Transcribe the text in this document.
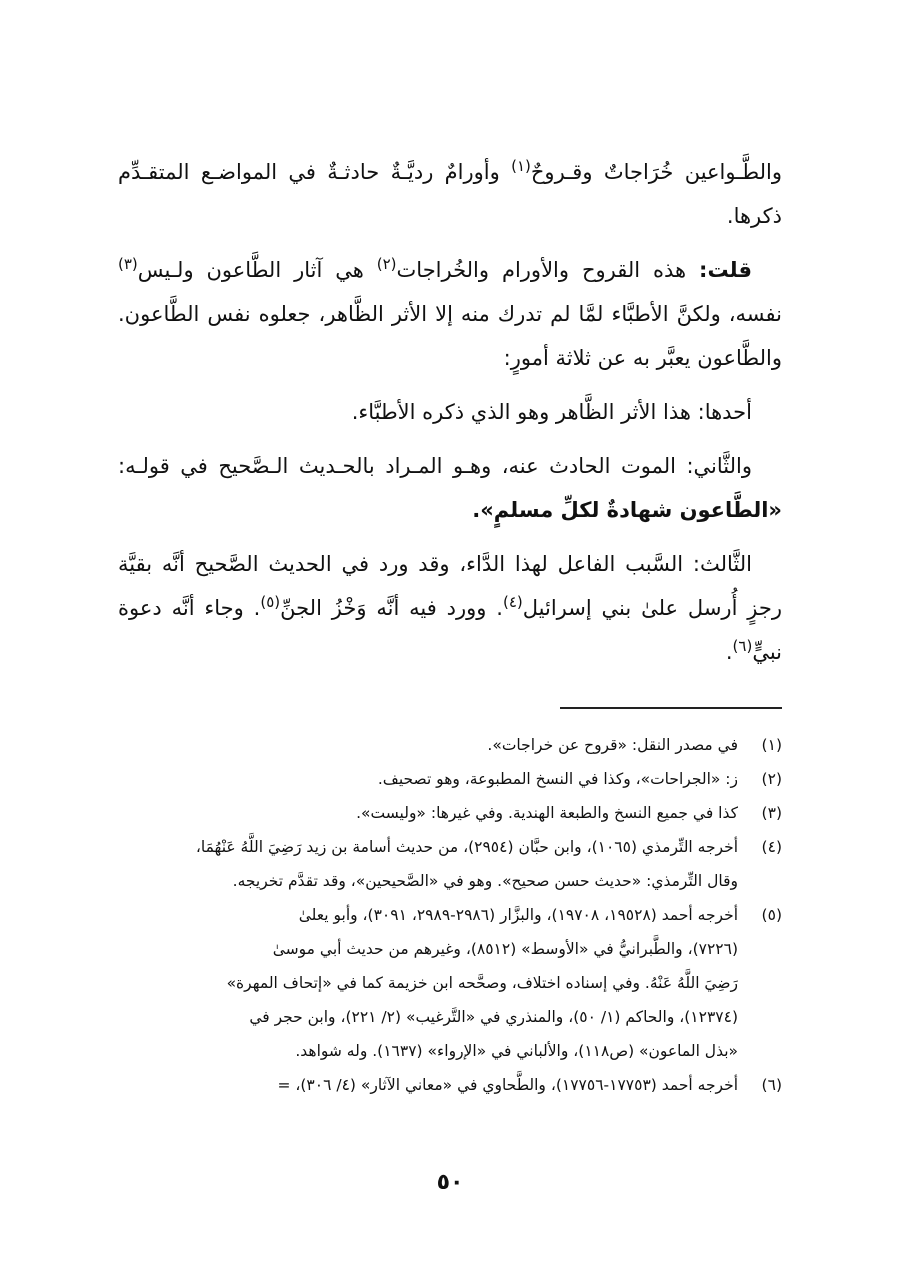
والطَّـواعين خُرَاجاتٌ وقـروحٌ$^{(١)}$ وأورامٌ رديَّـةٌ حادثـةٌ في المواضـع المتقـدِّم ذكرها.

قلت: هذه القروح والأورام والخُراجات$^{(٢)}$ هي آثار الطَّاعون ولـيس$^{(٣)}$ نفسه، ولكنَّ الأطبَّاء لمَّا لم تدرك منه إلا الأثر الظَّاهر، جعلوه نفس الطَّاعون. والطَّاعون يعبَّر به عن ثلاثة أمورٍ:

أحدها: هذا الأثر الظَّاهر وهو الذي ذكره الأطبَّاء.

والثَّاني: الموت الحادث عنه، وهـو المـراد بالحـديث الـصَّحيح في قولـه: «الطَّاعون شهادةٌ لكلِّ مسلمٍ».

الثَّالث: السَّبب الفاعل لهذا الدَّاء، وقد ورد في الحديث الصَّحيح أنَّه بقيَّة رجزٍ أُرسل علىٰ بني إسرائيل$^{(٤)}$. وورد فيه أنَّه وَخْزُ الجنِّ$^{(٥)}$. وجاء أنَّه دعوة نبيٍّ$^{(٦)}$.

(١)في مصدر النقل: «قروح عن خراجات».

(٢)ز: «الجراحات»، وكذا في النسخ المطبوعة، وهو تصحيف.

(٣)كذا في جميع النسخ والطبعة الهندية. وفي غيرها: «وليست».

(٤)أخرجه التِّرمذي (١٠٦٥)، وابن حبَّان (٢٩٥٤)، من حديث أسامة بن زيد رَضِيَ اللَّهُ عَنْهُمَا،

وقال التِّرمذي: «حديث حسن صحيح». وهو في «الصَّحيحين»، وقد تقدَّم تخريجه.

(٥)أخرجه أحمد (١٩٥٢٨، ١٩٧٠٨)، والبزَّار (٢٩٨٦-٢٩٨٩، ٣٠٩١)، وأبو يعلىٰ

(٧٢٢٦)، والطَّبرانيُّ في «الأوسط» (٨٥١٢)، وغيرهم من حديث أبي موسىٰ

رَضِيَ اللَّهُ عَنْهُ. وفي إسناده اختلاف، وصحَّحه ابن خزيمة كما في «إتحاف المهرة»

(١٢٣٧٤)، والحاكم (١/ ٥٠)، والمنذري في «التَّرغيب» (٢/ ٢٢١)، وابن حجر في

«بذل الماعون» (ص١١٨)، والألباني في «الإرواء» (١٦٣٧). وله شواهد.

(٦)أخرجه أحمد (١٧٧٥٣-١٧٧٥٦)، والطَّحاوي في «معاني الآثار» (٤/ ٣٠٦)، =

٥٠
